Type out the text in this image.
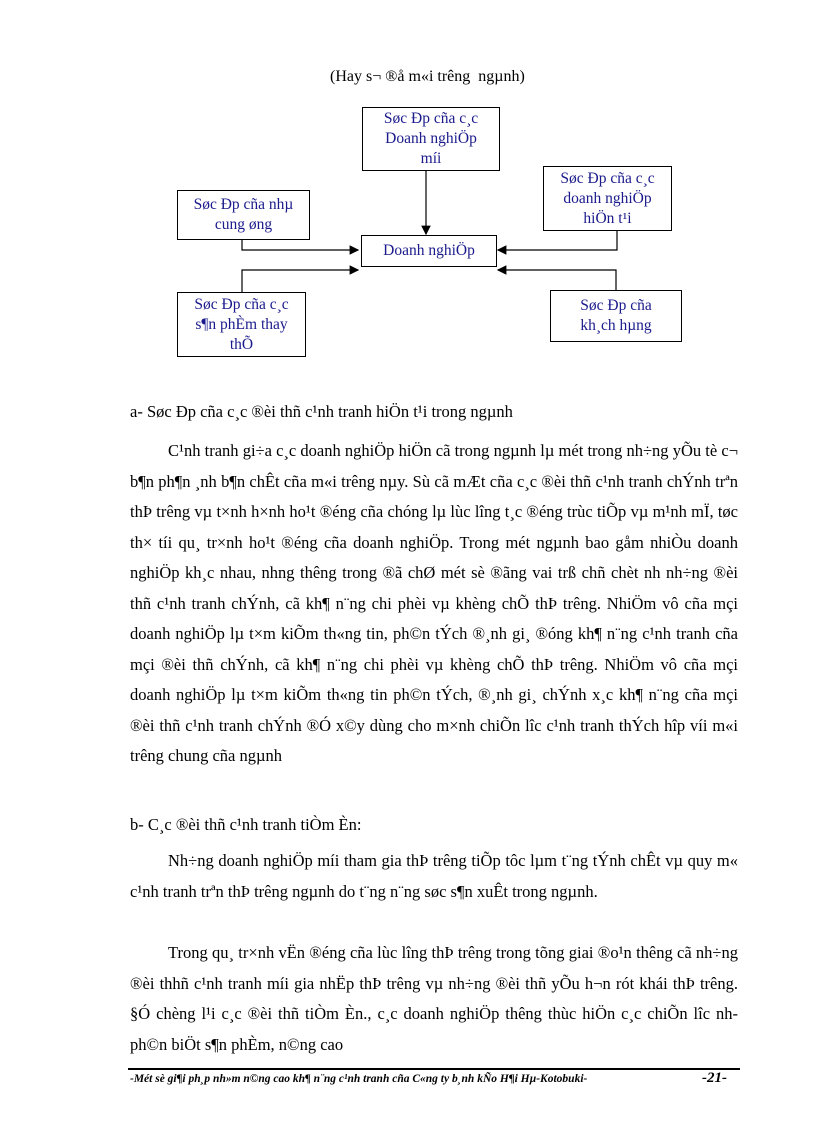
(Hay s¬ ®å m«i trêng  ngµnh)
Søc Ðp cña c¸c
Doanh nghiÖp
míi
Søc Ðp cña c¸c
doanh nghiÖp
hiÖn t¹i
Søc Ðp cña nhµ
cung øng
Doanh nghiÖp
Søc Ðp cña c¸c
s¶n phÈm thay
thÕ
Søc Ðp cña
kh¸ch hµng
a- Søc Ðp cña c¸c ®èi thñ c¹nh tranh hiÖn t¹i trong ngµnh
C¹nh tranh gi÷a c¸c doanh nghiÖp hiÖn cã trong ngµnh lµ mét trong nh÷ng yÕu tè c¬ b¶n ph¶n ¸nh b¶n chÊt cña m«i trêng nµy. Sù cã mÆt cña c¸c ®èi thñ c¹nh tranh chÝnh trªn thÞ trêng vµ t×nh h×nh ho¹t ®éng cña chóng lµ lùc lîng t¸c ®éng trùc tiÕp vµ m¹nh mÏ, tøc th× tíi qu¸ tr×nh ho¹t ®éng cña doanh nghiÖp. Trong mét ngµnh bao gåm nhiÒu doanh nghiÖp kh¸c nhau, nhng thêng trong ®ã chØ mét sè ®ãng vai trß chñ chèt nh nh÷ng ®èi thñ c¹nh tranh chÝnh, cã kh¶ n¨ng chi phèi vµ khèng chÕ thÞ trêng. NhiÖm vô cña mçi doanh nghiÖp lµ t×m kiÕm th«ng tin, ph©n tÝch ®¸nh gi¸ ®óng kh¶ n¨ng c¹nh tranh cña mçi ®èi thñ chÝnh, cã kh¶ n¨ng chi phèi vµ khèng chÕ thÞ trêng. NhiÖm vô cña mçi doanh nghiÖp lµ t×m kiÕm th«ng tin ph©n tÝch, ®¸nh gi¸ chÝnh x¸c kh¶ n¨ng cña mçi ®èi thñ c¹nh tranh chÝnh ®Ó x©y dùng cho m×nh chiÕn lîc c¹nh tranh thÝch hîp víi m«i trêng chung cña ngµnh
b- C¸c ®èi thñ c¹nh tranh tiÒm Èn:
Nh÷ng doanh nghiÖp míi tham gia thÞ trêng tiÕp tôc lµm t¨ng tÝnh chÊt vµ quy m« c¹nh tranh trªn thÞ trêng ngµnh do t¨ng n¨ng søc s¶n xuÊt trong ngµnh.
Trong qu¸ tr×nh vËn ®éng cña lùc lîng thÞ trêng trong tõng giai ®o¹n thêng cã nh÷ng ®èi thhñ c¹nh tranh míi gia nhËp thÞ trêng vµ nh÷ng ®èi thñ yÕu h¬n rót khái thÞ trêng. §Ó chèng l¹i c¸c ®èi thñ tiÒm Èn., c¸c doanh nghiÖp thêng thùc hiÖn c¸c chiÕn lîc nh ph©n biÖt s¶n phÈm, n©ng cao
-Mét sè gi¶i ph¸p nh»m n©ng cao kh¶ n¨ng c¹nh tranh cña C«ng ty b¸nh kÑo H¶i Hµ-Kotobuki-	-21-
